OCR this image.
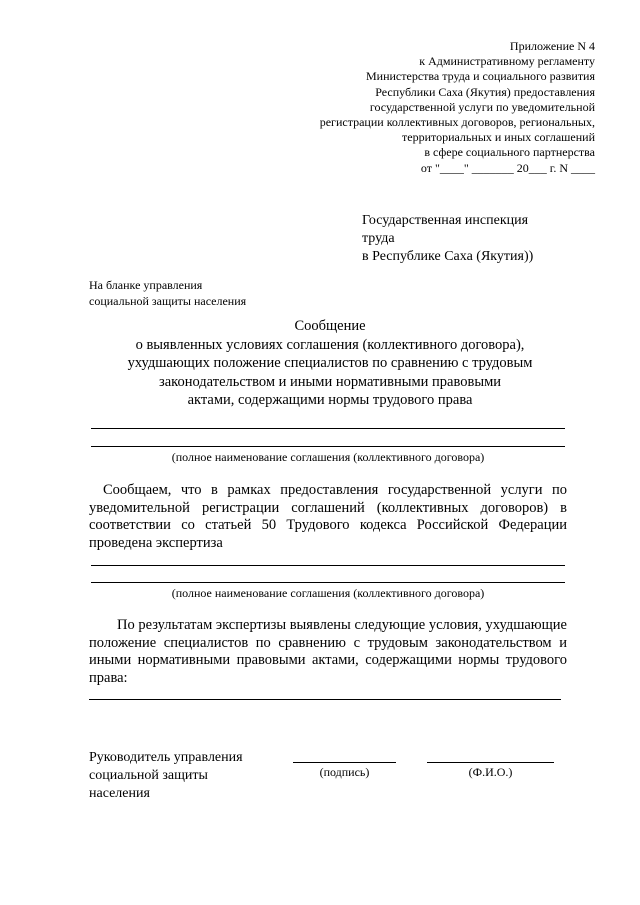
Приложение N 4
к Административному регламенту
Министерства труда и социального развития
Республики Саха (Якутия) предоставления
государственной услуги по уведомительной
регистрации коллективных договоров, региональных,
территориальных и иных соглашений
в сфере социального партнерства
от "____" _______ 20___ г. N ____
Государственная инспекция
труда
в Республике Саха (Якутия))
На бланке управления
социальной защиты населения
Сообщение
о выявленных условиях соглашения (коллективного договора),
ухудшающих положение специалистов по сравнению с трудовым
законодательством и иными нормативными правовыми
актами, содержащими нормы трудового права
(полное наименование соглашения (коллективного договора)

Сообщаем, что в рамках предоставления государственной услуги по уведомительной регистрации соглашений (коллективных договоров) в соответствии со статьей 50 Трудового кодекса Российской Федерации проведена экспертиза

(полное наименование соглашения (коллективного договора)

По результатам экспертизы выявлены следующие условия, ухудшающие положение специалистов по сравнению с трудовым законодательством и иными нормативными правовыми актами, содержащими нормы трудового права:

Руководитель управления
социальной защиты
населения
(подпись)	(Ф.И.О.)
